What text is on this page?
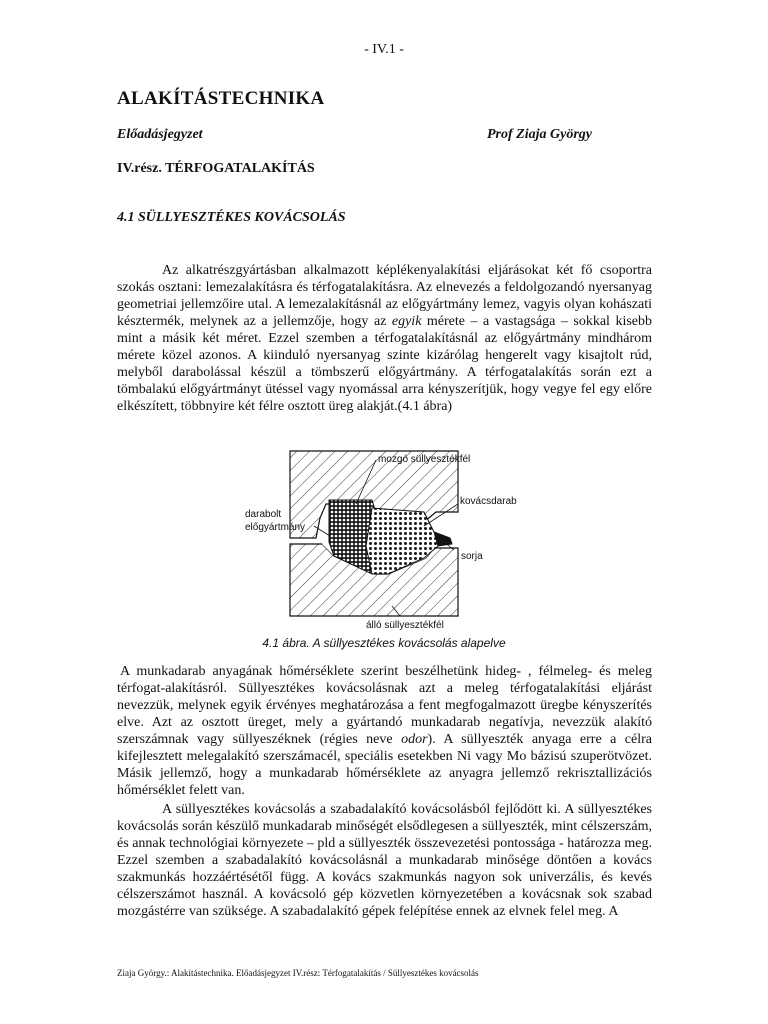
- IV.1 -
ALAKÍTÁSTECHNIKA
Előadásjegyzet	Prof Ziaja György
IV.rész. TÉRFOGATALAKÍTÁS
4.1 SÜLLYESZTÉKES KOVÁCSOLÁS
Az alkatrészgyártásban alkalmazott képlékenyalakítási eljárásokat két fő csoportra szokás osztani: lemezalakításra és térfogatalakításra. Az elnevezés a feldolgozandó nyersanyag geometriai jellemzőire utal. A lemezalakításnál az előgyártmány lemez, vagyis olyan kohászati késztermék, melynek az a jellemzője, hogy az egyik mérete – a vastagsága – sokkal kisebb mint a másik két méret. Ezzel szemben a térfogatalakításnál az előgyártmány mindhárom mérete közel azonos. A kiinduló nyersanyag szinte kizárólag hengerelt vagy kisajtolt rúd, melyből darabolással készül a tömbszerű előgyártmány. A térfogatalakítás során ezt a tömbalakú előgyártmányt ütéssel vagy nyomással arra kényszerítjük, hogy vegye fel egy előre elkészített, többnyire két félre osztott üreg alakját.(4.1 ábra)
mozgó süllyesztékfél
kovácsdarab
darabolt
előgyártmány
sorja
álló süllyesztékfél
4.1 ábra. A süllyesztékes kovácsolás alapelve
A munkadarab anyagának hőmérséklete szerint beszélhetünk hideg- , félmeleg- és meleg térfogat-alakításról. Süllyesztékes kovácsolásnak azt a meleg térfogatalakítási eljárást nevezzük, melynek egyik érvényes meghatározása a fent megfogalmazott üregbe kényszerítés elve. Azt az osztott üreget, mely a gyártandó munkadarab negatívja, nevezzük alakító szerszámnak vagy süllyeszéknek (régies neve odor). A süllyeszték anyaga erre a célra kifejlesztett melegalakító szerszámacél, speciális esetekben Ni vagy Mo bázisú szuperötvözet. Másik jellemző, hogy a munkadarab hőmérséklete az anyagra jellemző rekrisztallizációs hőmérséklet felett van.
A süllyesztékes kovácsolás a szabadalakító kovácsolásból fejlődött ki. A süllyesztékes kovácsolás során készülő munkadarab minőségét elsődlegesen a süllyeszték, mint célszerszám, és annak technológiai környezete – pld a süllyeszték összevezetési pontossága - határozza meg. Ezzel szemben a szabadalakító kovácsolásnál a munkadarab minősége döntően a kovács szakmunkás hozzáértésétől függ. A kovács szakmunkás nagyon sok univerzális, és kevés célszerszámot használ. A kovácsoló gép közvetlen környezetében a kovácsnak sok szabad mozgástérre van szüksége. A szabadalakító gépek felépítése ennek az elvnek felel meg. A
Ziaja György.: Alakítástechnika. Előadásjegyzet IV.rész: Térfogatalakítás / Süllyesztékes kovácsolás
